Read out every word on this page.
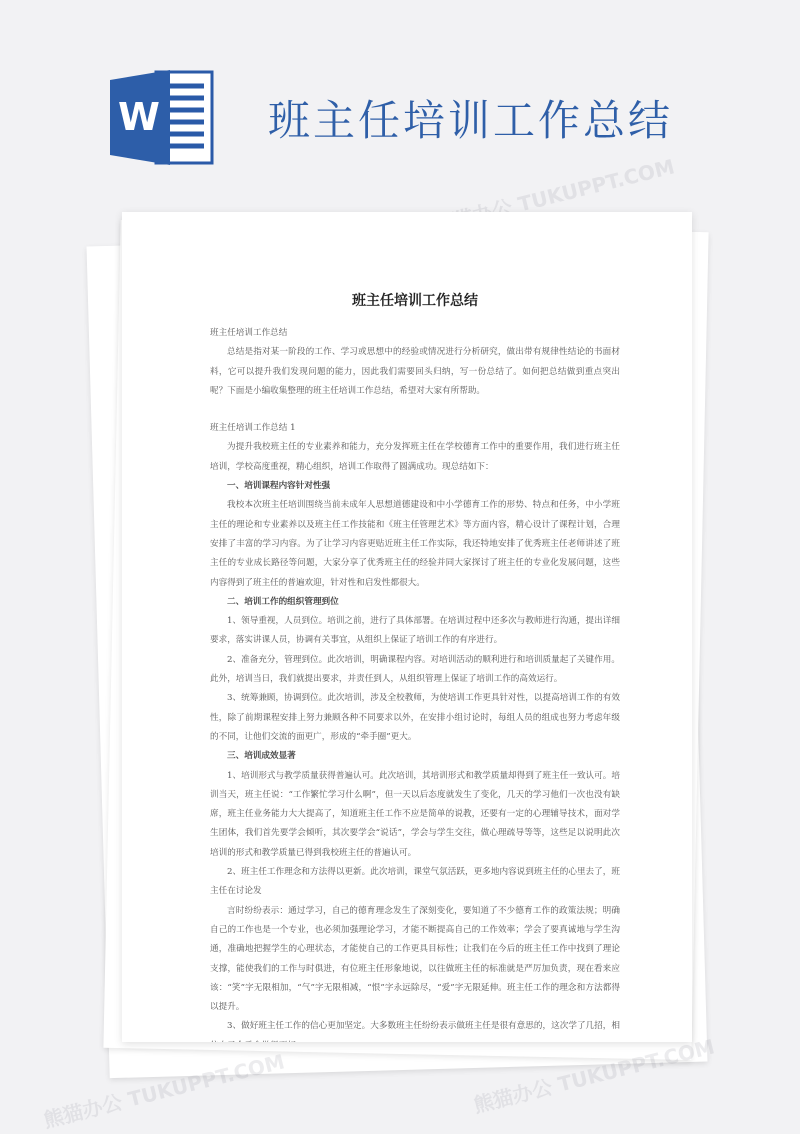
W	班主任培训工作总结
熊猫办公 TUKUPPT.COM
班主任培训工作总结

班主任培训工作总结

总结是指对某一阶段的工作、学习或思想中的经验或情况进行分析研究，做出带有规律性结论的书面材料，它可以提升我们发现问题的能力，因此我们需要回头归纳，写一份总结了。如何把总结做到重点突出呢？下面是小编收集整理的班主任培训工作总结，希望对大家有所帮助。

班主任培训工作总结 1

为提升我校班主任的专业素养和能力，充分发挥班主任在学校德育工作中的重要作用，我们进行班主任培训，学校高度重视，精心组织，培训工作取得了圆满成功。现总结如下：

一、培训课程内容针对性强

我校本次班主任培训围绕当前未成年人思想道德建设和中小学德育工作的形势、特点和任务，中小学班主任的理论和专业素养以及班主任工作技能和《班主任管理艺术》等方面内容，精心设计了课程计划，合理安排了丰富的学习内容。为了让学习内容更贴近班主任工作实际，我还特地安排了优秀班主任老师讲述了班主任的专业成长路径等问题，大家分享了优秀班主任的经验并同大家探讨了班主任的专业化发展问题，这些内容得到了班主任的普遍欢迎，针对性和启发性都很大。

二、培训工作的组织管理到位

1、领导重视，人员到位。培训之前，进行了具体部署。在培训过程中还多次与教师进行沟通，提出详细要求，落实讲课人员，协调有关事宜，从组织上保证了培训工作的有序进行。

2、准备充分，管理到位。此次培训，明确课程内容。对培训活动的顺利进行和培训质量起了关键作用。此外，培训当日，我们就提出要求，并责任到人，从组织管理上保证了培训工作的高效运行。

3、统筹兼顾，协调到位。此次培训，涉及全校教师，为使培训工作更具针对性，以提高培训工作的有效性，除了前期课程安排上努力兼顾各种不同要求以外，在安排小组讨论时，每组人员的组成也努力考虑年级的不同，让他们交流的面更广，形成的“牵手圈”更大。

三、培训成效显著

1、培训形式与教学质量获得普遍认可。此次培训，其培训形式和教学质量却得到了班主任一致认可。培训当天，班主任说：“工作繁忙学习什么啊”，但一天以后态度就发生了变化，几天的学习他们一次也没有缺席，班主任业务能力大大提高了，知道班主任工作不应是简单的说教，还要有一定的心理辅导技术，面对学生团体，我们首先要学会倾听，其次要学会“说话”，学会与学生交往，做心理疏导等等，这些足以说明此次培训的形式和教学质量已得到我校班主任的普遍认可。

2、班主任工作理念和方法得以更新。此次培训，课堂气氛活跃，更多地内容说到班主任的心里去了，班主任在讨论发

言时纷纷表示：通过学习，自己的德育理念发生了深刻变化，要知道了不少德育工作的政策法规；明确自己的工作也是一个专业，也必须加强理论学习，才能不断提高自己的工作效率；学会了要真诚地与学生沟通，准确地把握学生的心理状态，才能使自己的工作更具目标性；让我们在今后的班主任工作中找到了理论支撑，能使我们的工作与时俱进，有位班主任形象地说，以往做班主任的标准就是严厉加负责，现在看来应该：“笑”字无限相加，“气”字无限相减，“恨”字永远除尽，“爱”字无限延伸。班主任工作的理念和方法都得以提升。

3、做好班主任工作的信心更加坚定。大多数班主任纷纷表示做班主任是很有意思的，这次学了几招，相

熊猫办公 TUKUPPT.COM	熊猫办公 TUKUPPT.COM
